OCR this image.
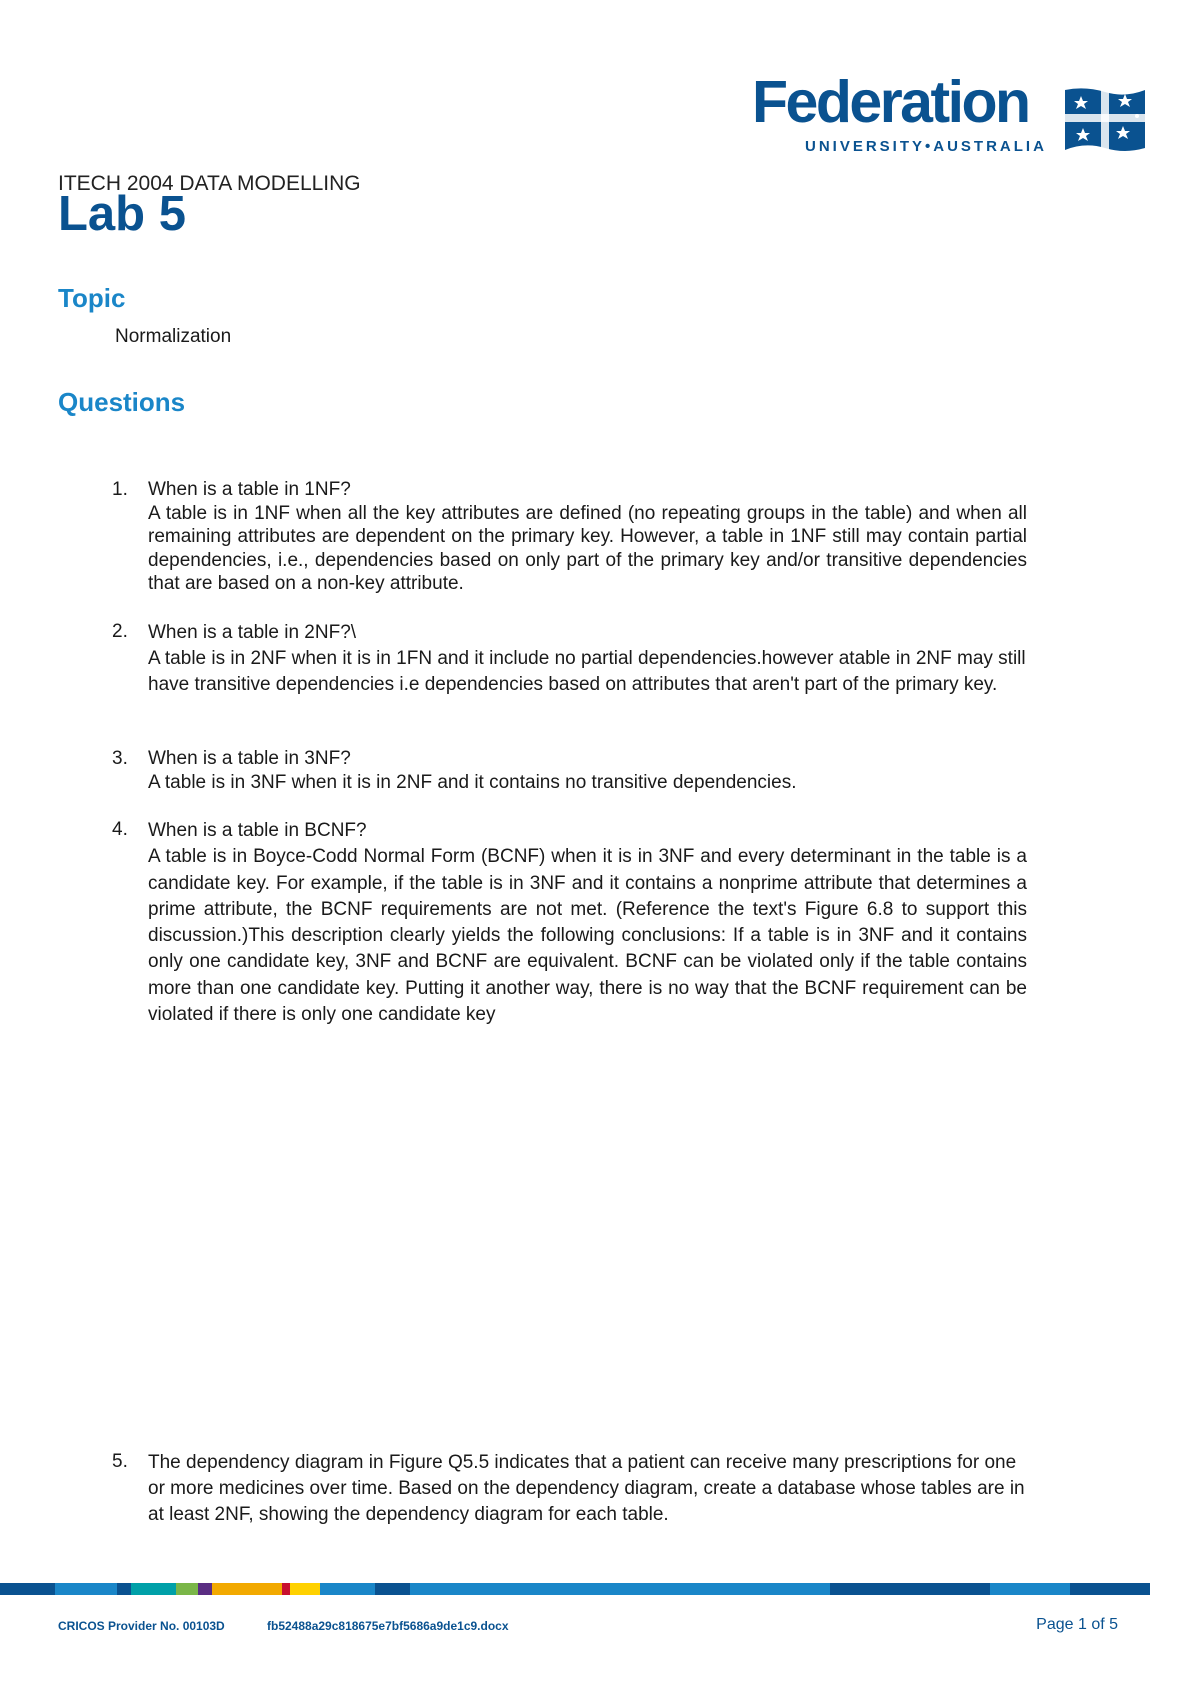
Federation
UNIVERSITY•AUSTRALIA
ITECH 2004 DATA MODELLING
Lab 5
Topic
Normalization
Questions
1. When is a table in 1NF?
A table is in 1NF when all the key attributes are defined (no repeating groups in the table) and when all remaining attributes are dependent on the primary key. However, a table in 1NF still may contain partial dependencies, i.e., dependencies based on only part of the primary key and/or transitive dependencies that are based on a non-key attribute.
2. When is a table in 2NF?\
A table is in 2NF when it is in 1FN and it include no partial dependencies.however atable in 2NF may still have transitive dependencies i.e dependencies based on attributes that aren't part of the primary key.
3. When is a table in 3NF?
A table is in 3NF when it is in 2NF and it contains no transitive dependencies.
4. When is a table in BCNF?
A table is in Boyce-Codd Normal Form (BCNF) when it is in 3NF and every determinant in the table is a candidate key. For example, if the table is in 3NF and it contains a nonprime attribute that determines a prime attribute, the BCNF requirements are not met. (Reference the text's Figure 6.8 to support this discussion.)This description clearly yields the following conclusions: If a table is in 3NF and it contains only one candidate key, 3NF and BCNF are equivalent. BCNF can be violated only if the table contains more than one candidate key. Putting it another way, there is no way that the BCNF requirement can be violated if there is only one candidate key
5. The dependency diagram in Figure Q5.5 indicates that a patient can receive many prescriptions for one or more medicines over time. Based on the dependency diagram, create a database whose tables are in at least 2NF, showing the dependency diagram for each table.
CRICOS Provider No. 00103D	fb52488a29c818675e7bf5686a9de1c9.docx	Page 1 of 5
